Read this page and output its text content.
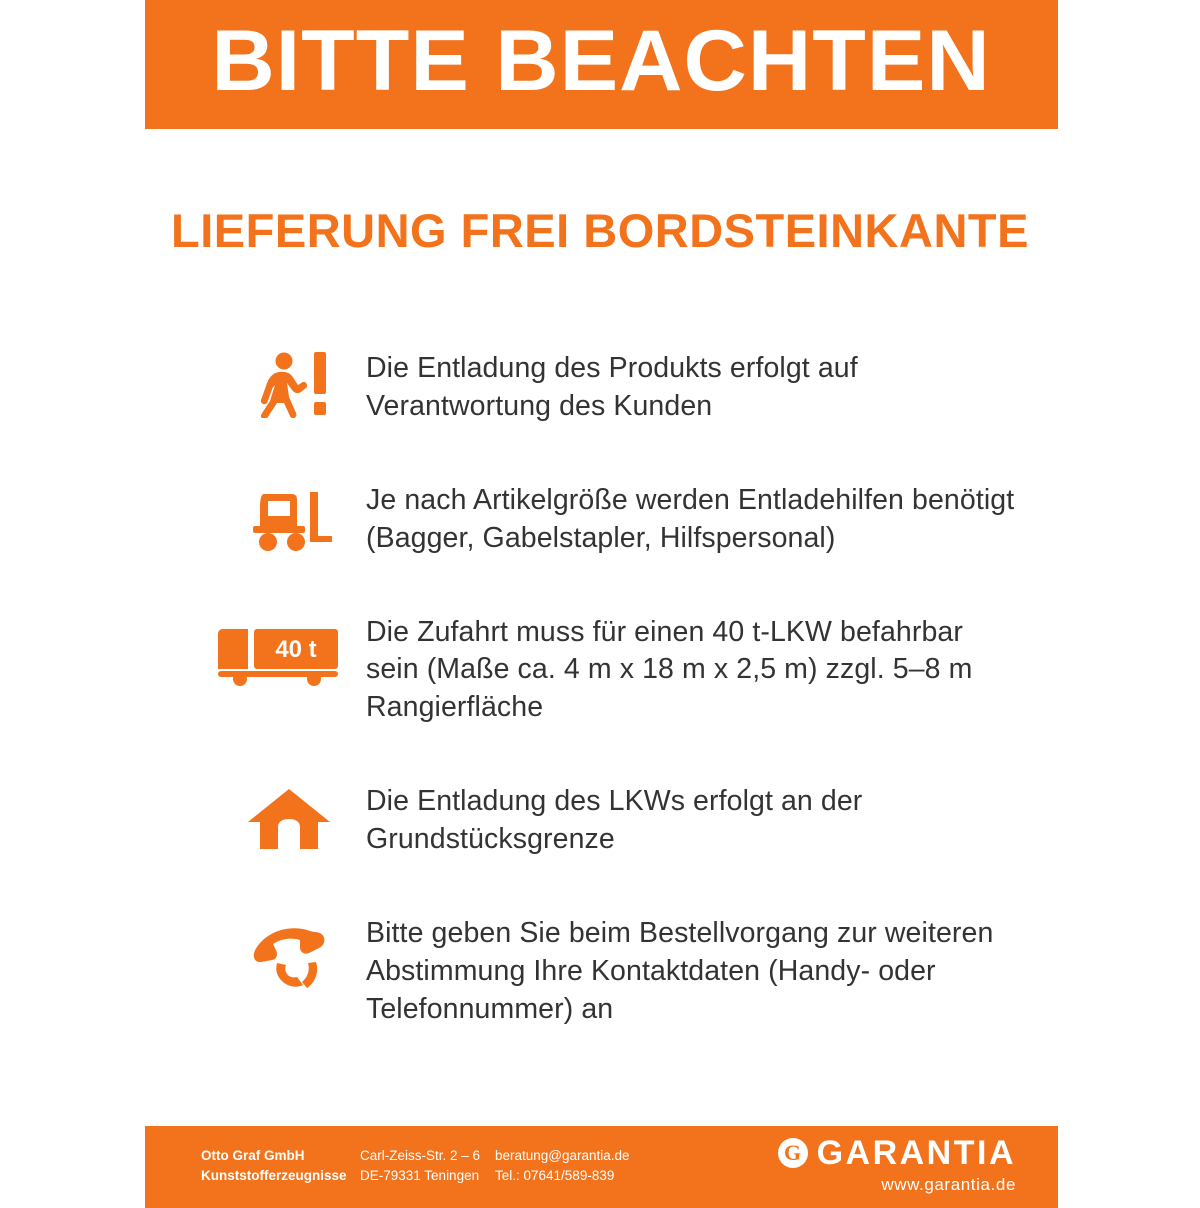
BITTE BEACHTEN
LIEFERUNG FREI BORDSTEINKANTE
Die Entladung des Produkts erfolgt auf Verantwortung des Kunden
Je nach Artikelgröße werden Entladehilfen benötigt (Bagger, Gabelstapler, Hilfspersonal)
40 t
Die Zufahrt muss für einen 40 t-LKW befahrbar sein (Maße ca. 4 m x 18 m x 2,5 m) zzgl. 5–8 m Rangierfläche
Die Entladung des LKWs erfolgt an der Grundstücksgrenze
Bitte geben Sie beim Bestellvorgang zur weiteren Abstimmung Ihre Kontaktdaten (Handy- oder Telefonnummer) an
Otto Graf GmbH
Kunststofferzeugnisse
Carl-Zeiss-Str. 2 – 6
DE-79331 Teningen
beratung@garantia.de
Tel.: 07641/589-839
G GARANTIA
www.garantia.de
